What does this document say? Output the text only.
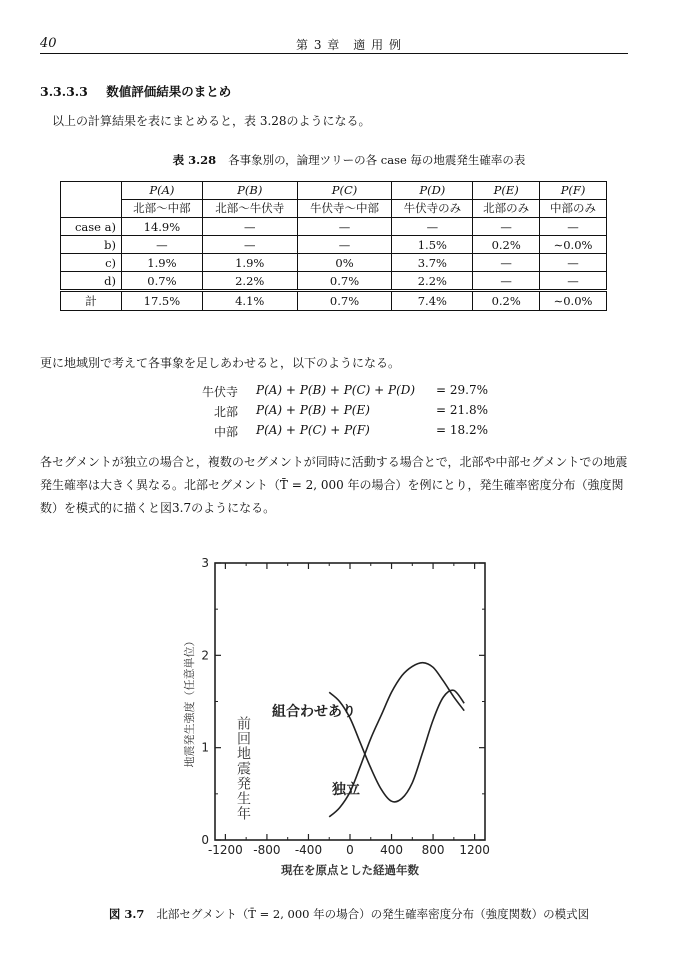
40	第 3 章　適 用 例
3.3.3.3 数値評価結果のまとめ
以上の計算結果を表にまとめると，表 3.28のようになる。
表 3.28 各事象別の，論理ツリーの各 case 毎の地震発生確率の表
	P(A)	P(B)	P(C)	P(D)	P(E)	P(F)
	北部〜中部	北部〜牛伏寺	牛伏寺〜中部	牛伏寺のみ	北部のみ	中部のみ
case a)	14.9%	—	—	—	—	—
b)	—	—	—	1.5%	0.2%	∼0.0%
c)	1.9%	1.9%	0%	3.7%	—	—
d)	0.7%	2.2%	0.7%	2.2%	—	—
計	17.5%	4.1%	0.7%	7.4%	0.2%	∼0.0%
更に地域別で考えて各事象を足しあわせると，以下のようになる。
牛伏寺 P(A) + P(B) + P(C) + P(D) = 29.7%
北部 P(A) + P(B) + P(E)	= 21.8%
中部 P(A) + P(C) + P(F)	= 18.2%
各セグメントが独立の場合と，複数のセグメントが同時に活動する場合とで，北部や中部セグメントでの地震発生確率は大きく異なる。北部セグメント（T̄ = 2, 000 年の場合）を例にとり，発生確率密度分布（強度関数）を模式的に描くと図3.7のようになる。
-1200 -800 -400 0 400 800 1200
0
1
2
3
現在を原点とした経過年数
地震発生強度（任意単位）
前回地震発生年
組合わせあり
独立
図 3.7 北部セグメント（T̄ = 2, 000 年の場合）の発生確率密度分布（強度関数）の模式図
